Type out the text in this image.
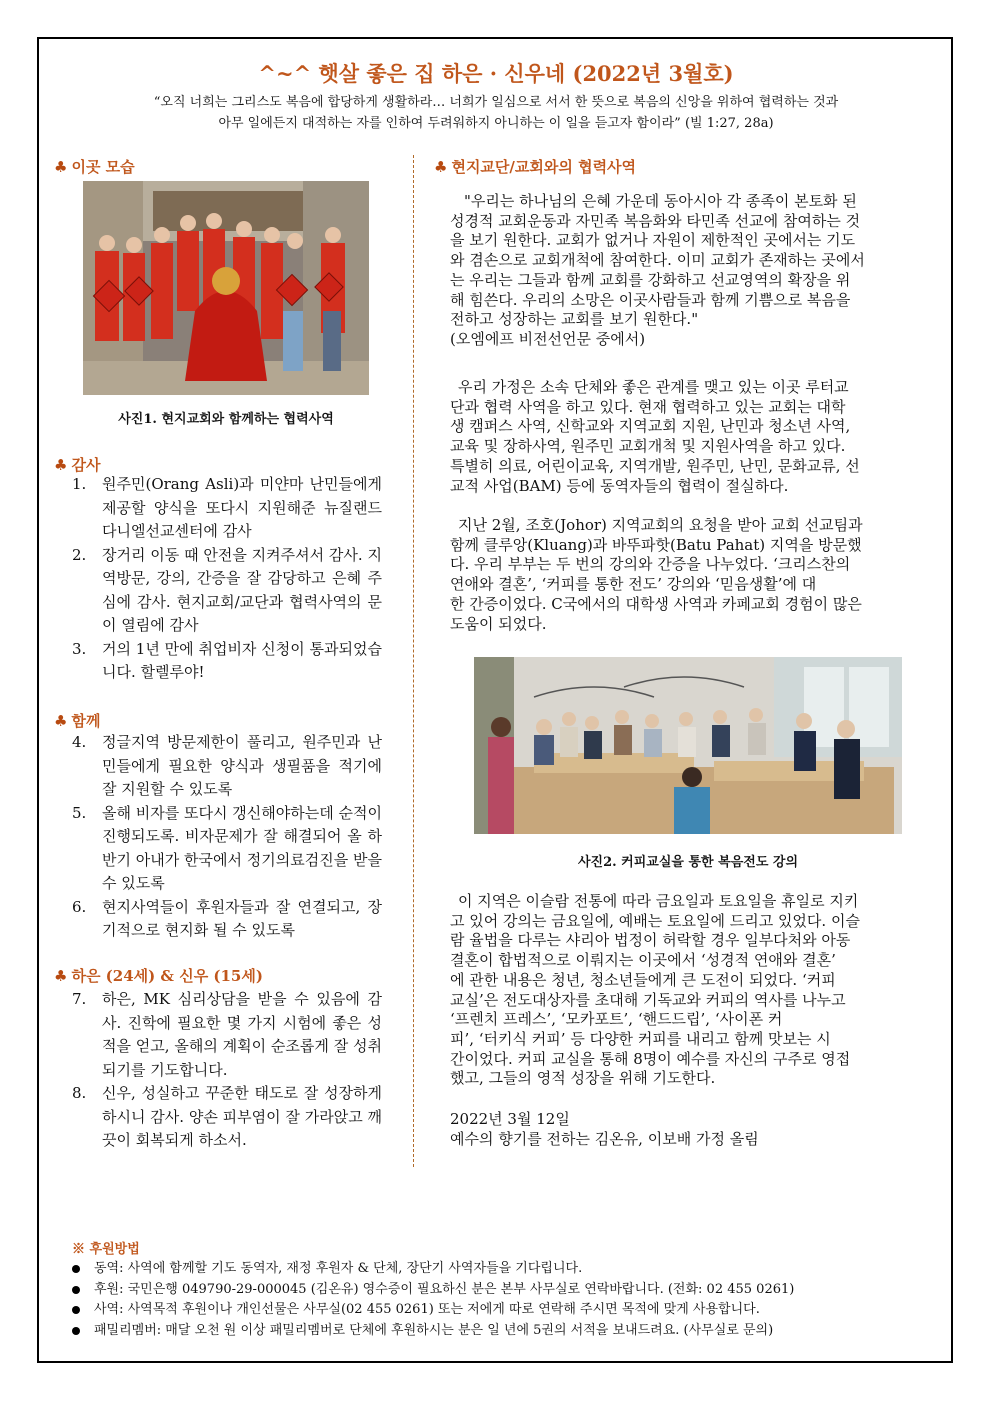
^~^ 햇살 좋은 집 하은 · 신우네 (2022년 3월호)
“오직 너희는 그리스도 복음에 합당하게 생활하라… 너희가 일심으로 서서 한 뜻으로 복음의 신앙을 위하여 협력하는 것과
아무 일에든지 대적하는 자를 인하여 두려워하지 아니하는 이 일을 듣고자 함이라” (빌 1:27, 28a)
♣ 이곳 모습
사진1. 현지교회와 함께하는 협력사역
♣ 감사
1.	원주민(Orang Asli)과 미얀마 난민들에게 제공할 양식을 또다시 지원해준 뉴질랜드 다니엘선교센터에 감사
2.	장거리 이동 때 안전을 지켜주셔서 감사. 지역방문, 강의, 간증을 잘 감당하고 은혜 주심에 감사. 현지교회/교단과 협력사역의 문이 열림에 감사
3.	거의 1년 만에 취업비자 신청이 통과되었습니다. 할렐루야!
♣ 함께
4.	정글지역 방문제한이 풀리고, 원주민과 난민들에게 필요한 양식과 생필품을 적기에 잘 지원할 수 있도록
5.	올해 비자를 또다시 갱신해야하는데 순적이 진행되도록. 비자문제가 잘 해결되어 올 하반기 아내가 한국에서 정기의료검진을 받을 수 있도록
6.	현지사역들이 후원자들과 잘 연결되고, 장기적으로 현지화 될 수 있도록
♣ 하은 (24세) & 신우 (15세)
7.	하은, MK 심리상담을 받을 수 있음에 감사. 진학에 필요한 몇 가지 시험에 좋은 성적을 얻고, 올해의 계획이 순조롭게 잘 성취되기를 기도합니다.
8.	신우, 성실하고 꾸준한 태도로 잘 성장하게 하시니 감사. 양손 피부염이 잘 가라앉고 깨끗이 회복되게 하소서.
♣ 현지교단/교회와의 협력사역
"우리는 하나님의 은혜 가운데 동아시아 각 종족이 본토화 된
성경적 교회운동과 자민족 복음화와 타민족 선교에 참여하는 것
을 보기 원한다. 교회가 없거나 자원이 제한적인 곳에서는 기도
와 겸손으로 교회개척에 참여한다. 이미 교회가 존재하는 곳에서
는 우리는 그들과 함께 교회를 강화하고 선교영역의 확장을 위
해 힘쓴다. 우리의 소망은 이곳사람들과 함께 기쁨으로 복음을
전하고 성장하는 교회를 보기 원한다."
(오엠에프 비전선언문 중에서)
우리 가정은 소속 단체와 좋은 관계를 맺고 있는 이곳 루터교
단과 협력 사역을 하고 있다. 현재 협력하고 있는 교회는 대학
생 캠퍼스 사역, 신학교와 지역교회 지원, 난민과 청소년 사역,
교육 및 장하사역, 원주민 교회개척 및 지원사역을 하고 있다.
특별히 의료, 어린이교육, 지역개발, 원주민, 난민, 문화교류, 선
교적 사업(BAM) 등에 동역자들의 협력이 절실하다.
지난 2월, 조호(Johor) 지역교회의 요청을 받아 교회 선교팀과
함께 클루앙(Kluang)과 바뚜파핫(Batu Pahat) 지역을 방문했
다. 우리 부부는 두 번의 강의와 간증을 나누었다. ‘크리스찬의
연애와 결혼’, ‘커피를 통한 전도’ 강의와 ‘믿음생활’에 대
한 간증이었다. C국에서의 대학생 사역과 카페교회 경험이 많은
도움이 되었다.
사진2. 커피교실을 통한 복음전도 강의
이 지역은 이슬람 전통에 따라 금요일과 토요일을 휴일로 지키
고 있어 강의는 금요일에, 예배는 토요일에 드리고 있었다. 이슬
람 율법을 다루는 샤리아 법정이 허락할 경우 일부다처와 아동
결혼이 합법적으로 이뤄지는 이곳에서 ‘성경적 연애와 결혼’
에 관한 내용은 청년, 청소년들에게 큰 도전이 되었다. ‘커피
교실’은 전도대상자를 초대해 기독교와 커피의 역사를 나누고
‘프렌치 프레스’, ‘모카포트’, ‘핸드드립’, ‘사이폰 커
피’, ‘터키식 커피’ 등 다양한 커피를 내리고 함께 맛보는 시
간이었다. 커피 교실을 통해 8명이 예수를 자신의 구주로 영접
했고, 그들의 영적 성장을 위해 기도한다.
2022년 3월 12일
예수의 향기를 전하는 김온유, 이보배 가정 올림
※ 후원방법
동역: 사역에 함께할 기도 동역자, 재정 후원자 & 단체, 장단기 사역자들을 기다립니다.
후원: 국민은행 049790-29-000045 (김온유) 영수증이 필요하신 분은 본부 사무실로 연락바랍니다. (전화: 02 455 0261)
사역: 사역목적 후원이나 개인선물은 사무실(02 455 0261) 또는 저에게 따로 연락해 주시면 목적에 맞게 사용합니다.
패밀리멤버: 매달 오천 원 이상 패밀리멤버로 단체에 후원하시는 분은 일 년에 5권의 서적을 보내드려요. (사무실로 문의)
